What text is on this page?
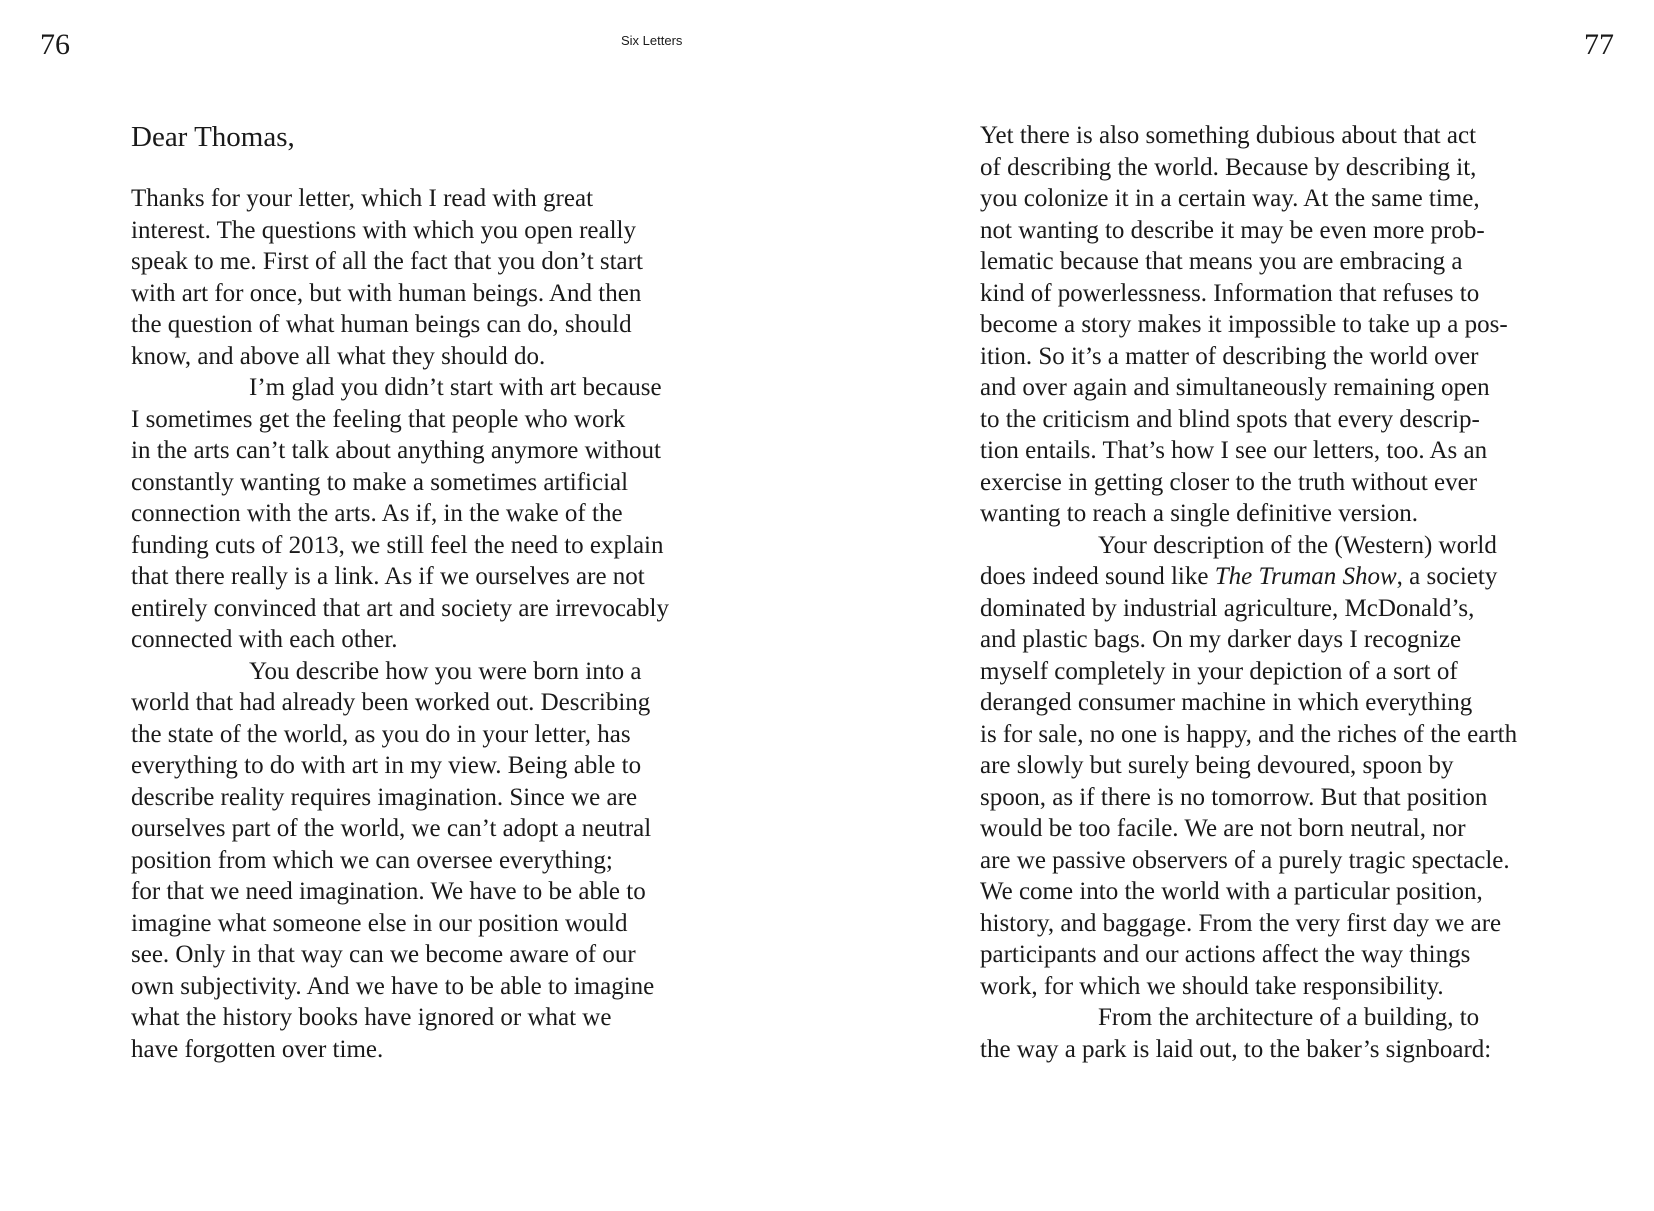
76	Six Letters	77
Dear Thomas,
Thanks for your letter, which I read with great
interest. The questions with which you open really
speak to me. First of all the fact that you don’t start
with art for once, but with human beings. And then
the question of what human beings can do, should
know, and above all what they should do.
I’m glad you didn’t start with art because
I sometimes get the feeling that people who work
in the arts can’t talk about anything anymore without
constantly wanting to make a sometimes artificial
connection with the arts. As if, in the wake of the
funding cuts of 2013, we still feel the need to explain
that there really is a link. As if we ourselves are not
entirely convinced that art and society are irrevocably
connected with each other.
You describe how you were born into a
world that had already been worked out. Describing
the state of the world, as you do in your letter, has
everything to do with art in my view. Being able to
describe reality requires imagination. Since we are
ourselves part of the world, we can’t adopt a neutral
position from which we can oversee everything;
for that we need imagination. We have to be able to
imagine what someone else in our position would
see. Only in that way can we become aware of our
own subjectivity. And we have to be able to imagine
what the history books have ignored or what we
have forgotten over time.
Yet there is also something dubious about that act
of describing the world. Because by describing it,
you colonize it in a certain way. At the same time,
not wanting to describe it may be even more prob-
lematic because that means you are embracing a
kind of powerlessness. Information that refuses to
become a story makes it impossible to take up a pos-
ition. So it’s a matter of describing the world over
and over again and simultaneously remaining open
to the criticism and blind spots that every descrip-
tion entails. That’s how I see our letters, too. As an
exercise in getting closer to the truth without ever
wanting to reach a single definitive version.
Your description of the (Western) world
does indeed sound like The Truman Show, a society
dominated by industrial agriculture, McDonald’s,
and plastic bags. On my darker days I recognize
myself completely in your depiction of a sort of
deranged consumer machine in which everything
is for sale, no one is happy, and the riches of the earth
are slowly but surely being devoured, spoon by
spoon, as if there is no tomorrow. But that position
would be too facile. We are not born neutral, nor
are we passive observers of a purely tragic spectacle.
We come into the world with a particular position,
history, and baggage. From the very first day we are
participants and our actions affect the way things
work, for which we should take responsibility.
From the architecture of a building, to
the way a park is laid out, to the baker’s signboard:
